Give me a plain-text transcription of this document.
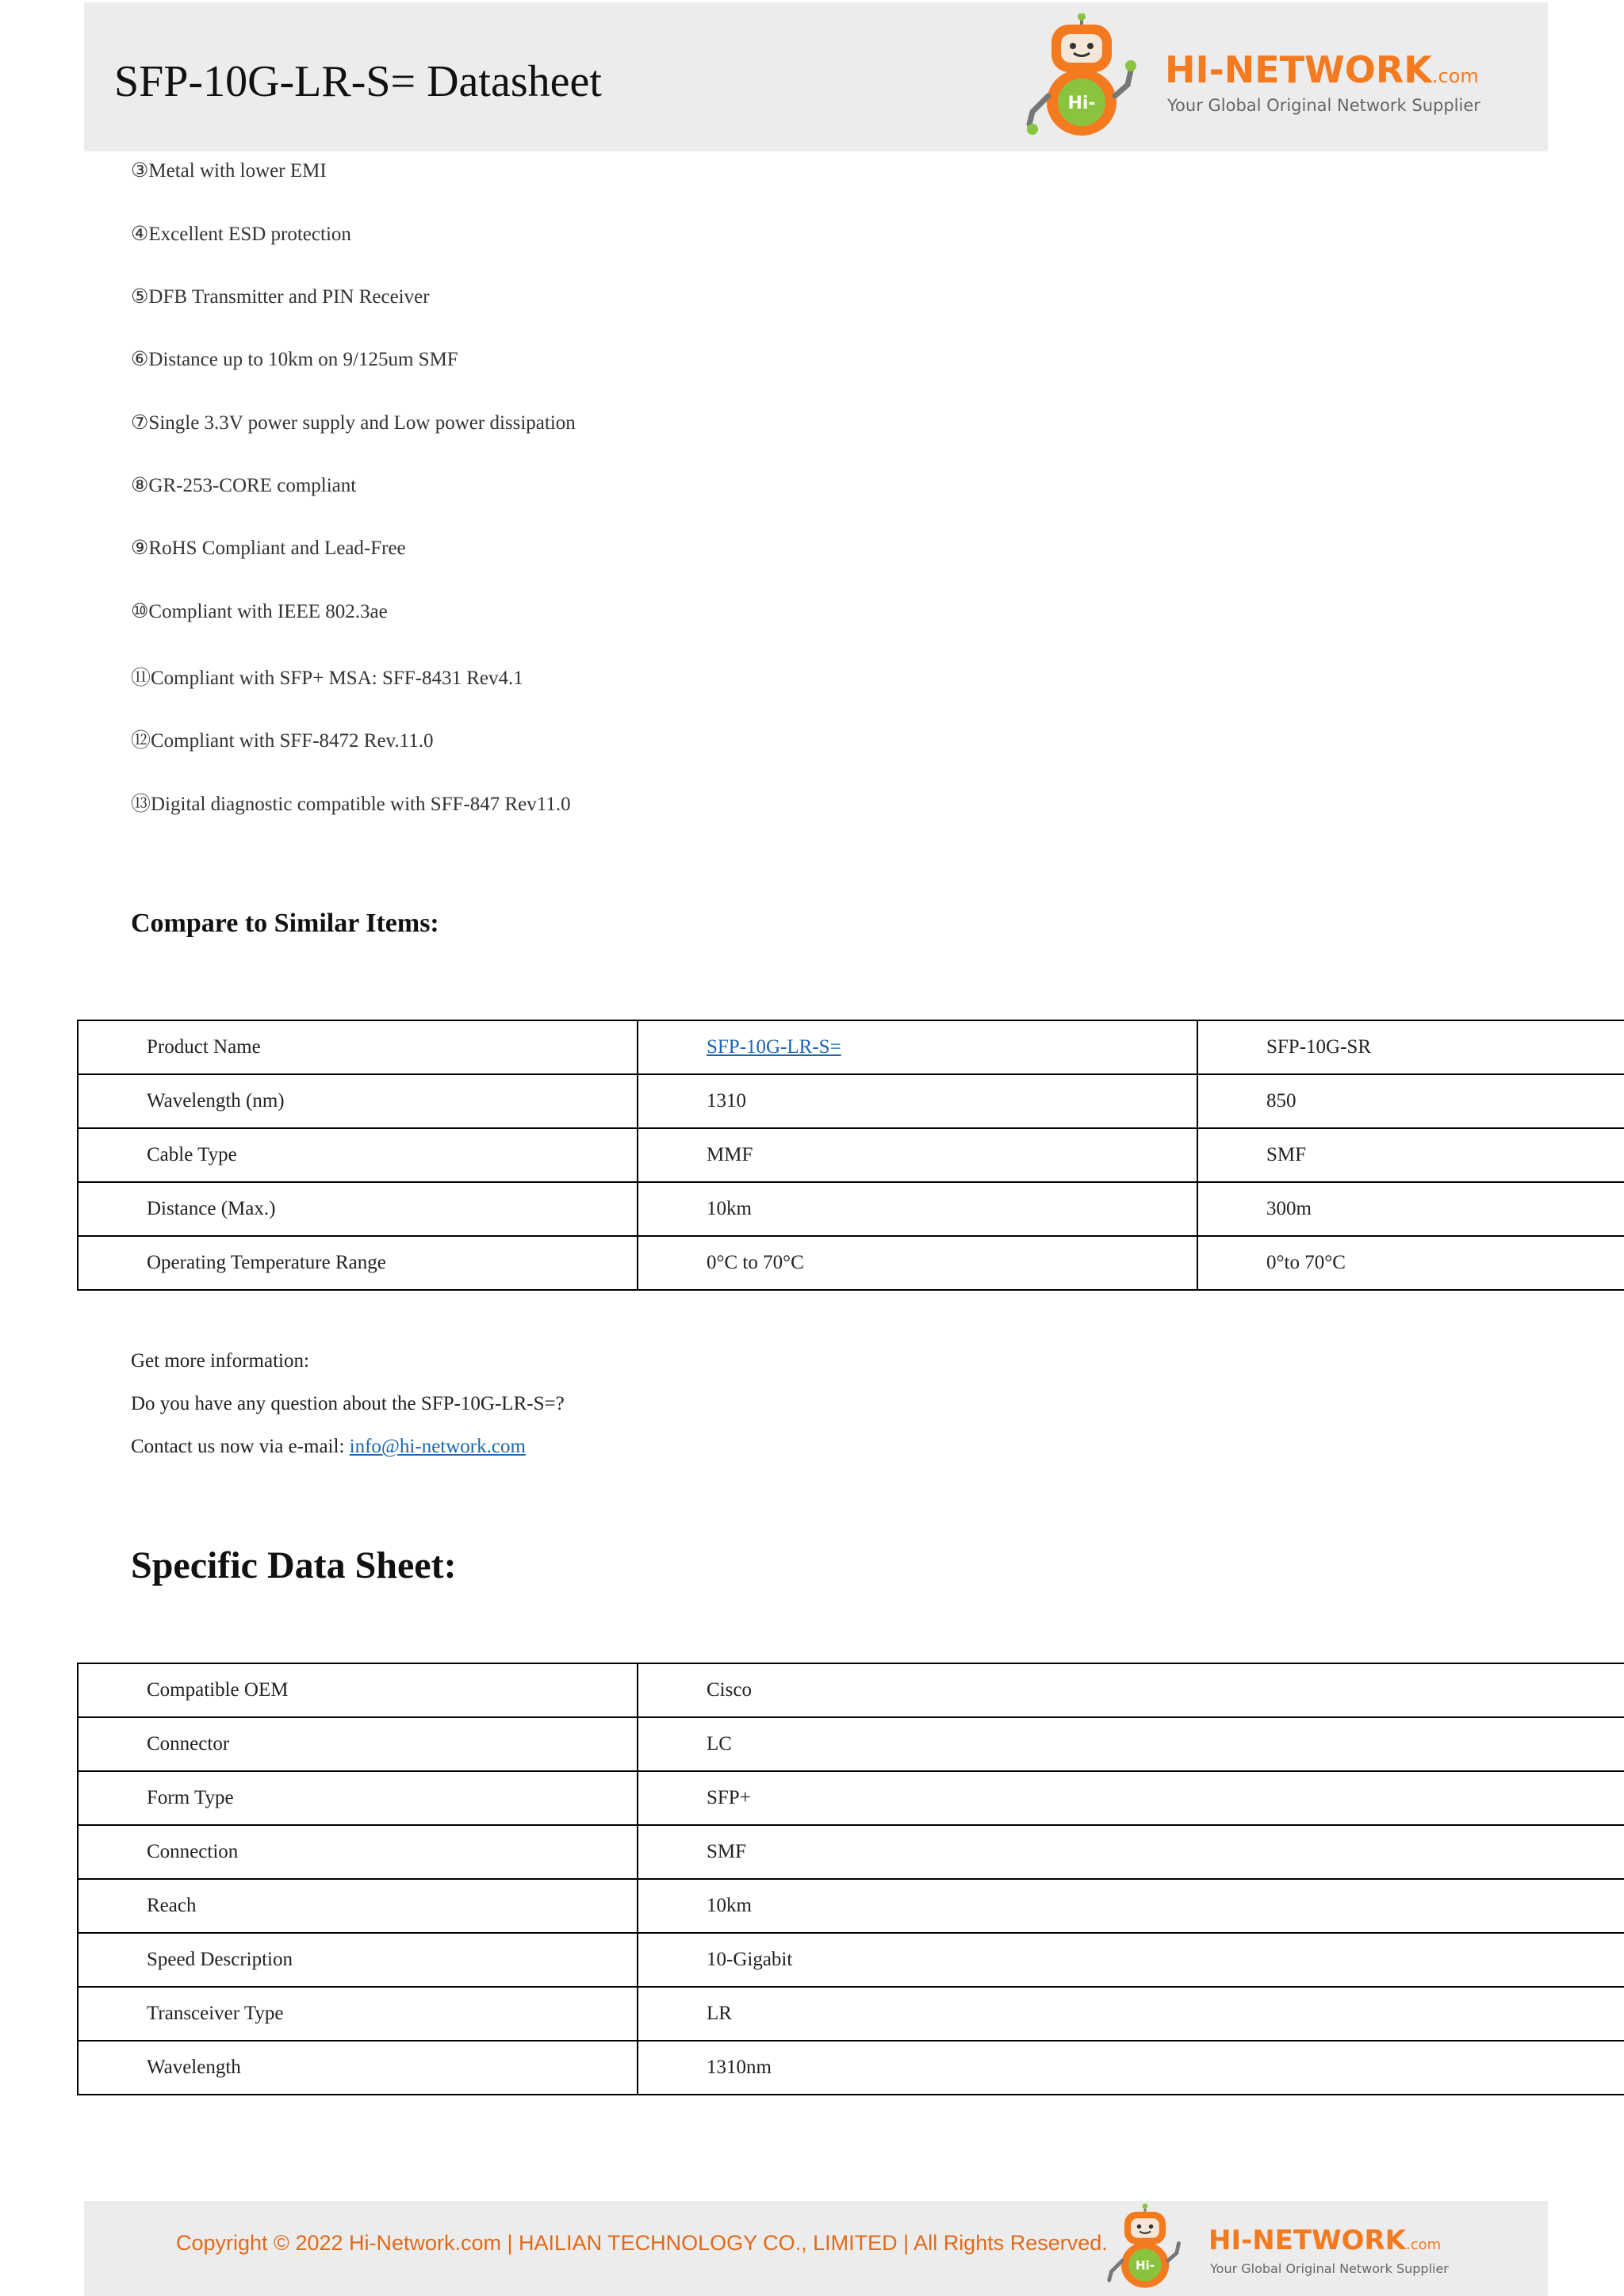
SFP-10G-LR-S= Datasheet	Hi-
HI-NETWORK.com
Your Global Original Network Supplier
③Metal with lower EMI
④Excellent ESD protection
⑤DFB Transmitter and PIN Receiver
⑥Distance up to 10km on 9/125um SMF
⑦Single 3.3V power supply and Low power dissipation
⑧GR-253-CORE compliant
⑨RoHS Compliant and Lead-Free
⑩Compliant with IEEE 802.3ae
⑪Compliant with SFP+ MSA: SFF-8431 Rev4.1
⑫Compliant with SFF-8472 Rev.11.0
⑬Digital diagnostic compatible with SFF-847 Rev11.0
Compare to Similar Items:
Product Name	SFP-10G-LR-S=	SFP-10G-SR
Wavelength (nm)	1310	850
Cable Type	MMF	SMF
Distance (Max.)	10km	300m
Operating Temperature Range	0°C to 70°C	0°to 70°C
Get more information:
Do you have any question about the SFP-10G-LR-S=?
Contact us now via e-mail: info@hi-network.com
Specific Data Sheet:
Compatible OEM	Cisco
Connector	LC
Form Type	SFP+
Connection	SMF
Reach	10km
Speed Description	10-Gigabit
Transceiver Type	LR
Wavelength	1310nm
Copyright © 2022 Hi-Network.com | HAILIAN TECHNOLOGY CO., LIMITED | All Rights Reserved.
Hi-
HI-NETWORK.com
Your Global Original Network Supplier
